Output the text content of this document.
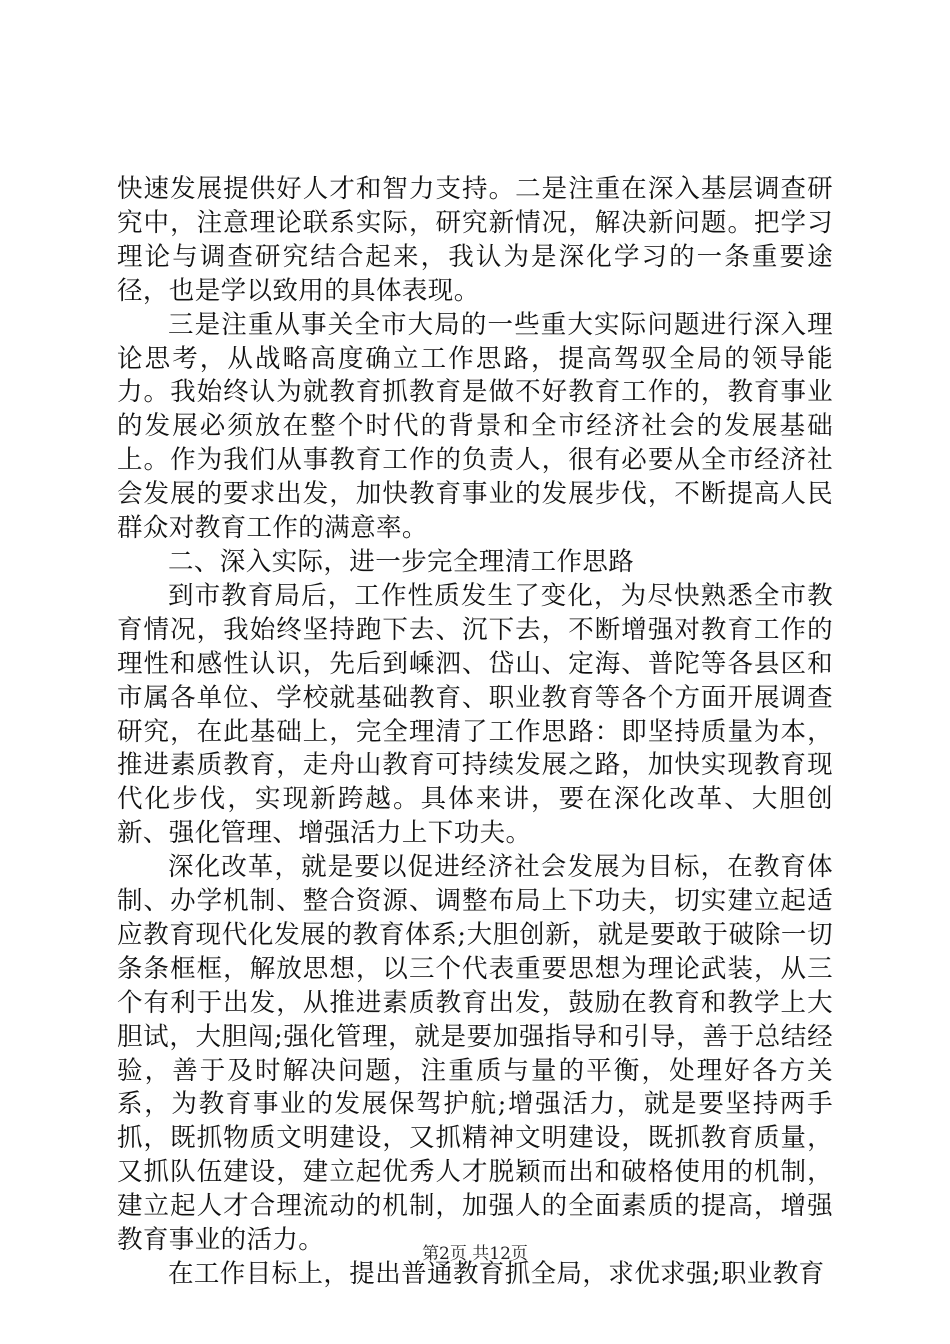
快速发展提供好人才和智力支持。二是注重在深入基层调查研究中，注意理论联系实际，研究新情况，解决新问题。把学习理论与调查研究结合起来，我认为是深化学习的一条重要途径，也是学以致用的具体表现。

三是注重从事关全市大局的一些重大实际问题进行深入理论思考，从战略高度确立工作思路，提高驾驭全局的领导能力。我始终认为就教育抓教育是做不好教育工作的，教育事业的发展必须放在整个时代的背景和全市经济社会的发展基础上。作为我们从事教育工作的负责人，很有必要从全市经济社会发展的要求出发，加快教育事业的发展步伐，不断提高人民群众对教育工作的满意率。

二、深入实际，进一步完全理清工作思路

到市教育局后，工作性质发生了变化，为尽快熟悉全市教育情况，我始终坚持跑下去、沉下去，不断增强对教育工作的理性和感性认识，先后到嵊泗、岱山、定海、普陀等各县区和市属各单位、学校就基础教育、职业教育等各个方面开展调查研究，在此基础上，完全理清了工作思路：即坚持质量为本，推进素质教育，走舟山教育可持续发展之路，加快实现教育现代化步伐，实现新跨越。具体来讲，要在深化改革、大胆创新、强化管理、增强活力上下功夫。

深化改革，就是要以促进经济社会发展为目标，在教育体制、办学机制、整合资源、调整布局上下功夫，切实建立起适应教育现代化发展的教育体系;大胆创新，就是要敢于破除一切条条框框，解放思想，以三个代表重要思想为理论武装，从三个有利于出发，从推进素质教育出发，鼓励在教育和教学上大胆试，大胆闯;强化管理，就是要加强指导和引导，善于总结经验，善于及时解决问题，注重质与量的平衡，处理好各方关系，为教育事业的发展保驾护航;增强活力，就是要坚持两手抓，既抓物质文明建设，又抓精神文明建设，既抓教育质量，又抓队伍建设，建立起优秀人才脱颖而出和破格使用的机制，建立起人才合理流动的机制，加强人的全面素质的提高，增强教育事业的活力。

在工作目标上，提出普通教育抓全局，求优求强;职业教育

第2页 共12页
